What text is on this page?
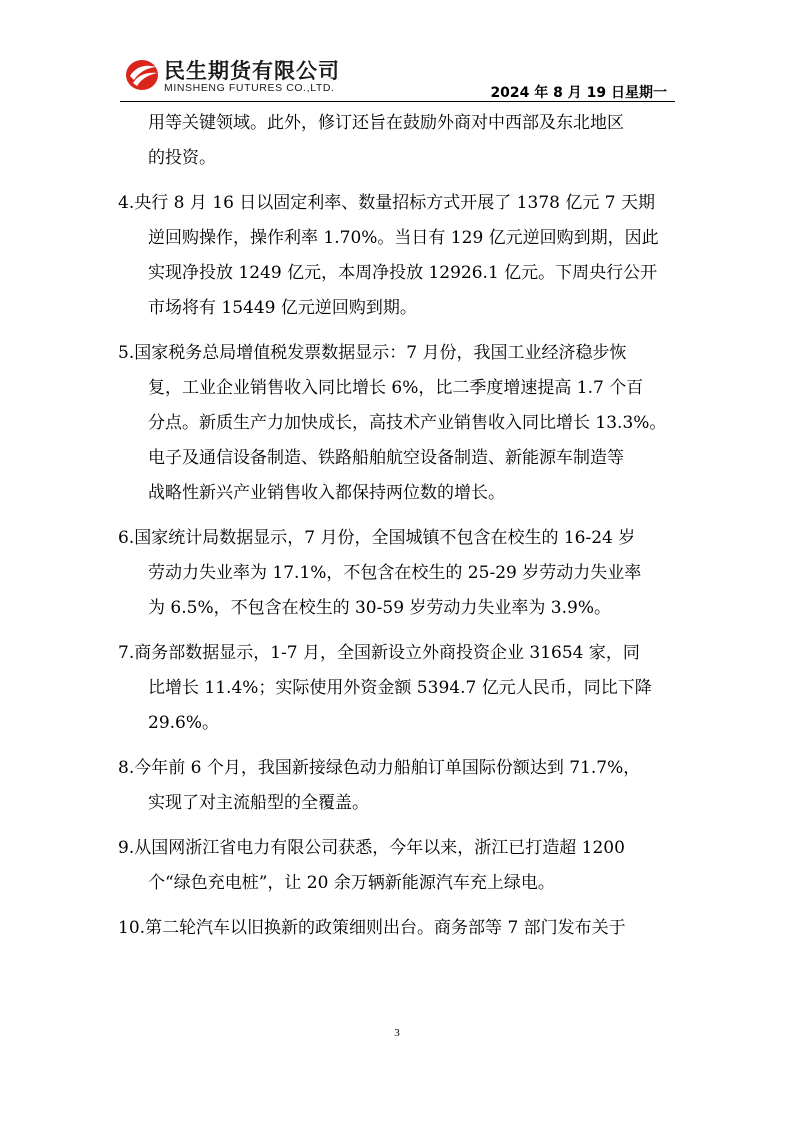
民生期货有限公司
MINSHENG FUTURES CO.,LTD.	2024 年 8 月 19 日星期一
用等关键领域。此外，修订还旨在鼓励外商对中西部及东北地区
的投资。
4.央行 8 月 16 日以固定利率、数量招标方式开展了 1378 亿元 7 天期
逆回购操作，操作利率 1.70%。当日有 129 亿元逆回购到期，因此
实现净投放 1249 亿元，本周净投放 12926.1 亿元。下周央行公开
市场将有 15449 亿元逆回购到期。
5.国家税务总局增值税发票数据显示：7 月份，我国工业经济稳步恢
复，工业企业销售收入同比增长 6%，比二季度增速提高 1.7 个百
分点。新质生产力加快成长，高技术产业销售收入同比增长 13.3%。
电子及通信设备制造、铁路船舶航空设备制造、新能源车制造等
战略性新兴产业销售收入都保持两位数的增长。
6.国家统计局数据显示，7 月份，全国城镇不包含在校生的 16-24 岁
劳动力失业率为 17.1%，不包含在校生的 25-29 岁劳动力失业率
为 6.5%，不包含在校生的 30-59 岁劳动力失业率为 3.9%。
7.商务部数据显示，1-7 月，全国新设立外商投资企业 31654 家，同
比增长 11.4%；实际使用外资金额 5394.7 亿元人民币，同比下降
29.6%。
8.今年前 6 个月，我国新接绿色动力船舶订单国际份额达到 71.7%，
实现了对主流船型的全覆盖。
9.从国网浙江省电力有限公司获悉，今年以来，浙江已打造超 1200
个“绿色充电桩”，让 20 余万辆新能源汽车充上绿电。
10.第二轮汽车以旧换新的政策细则出台。商务部等 7 部门发布关于
3
